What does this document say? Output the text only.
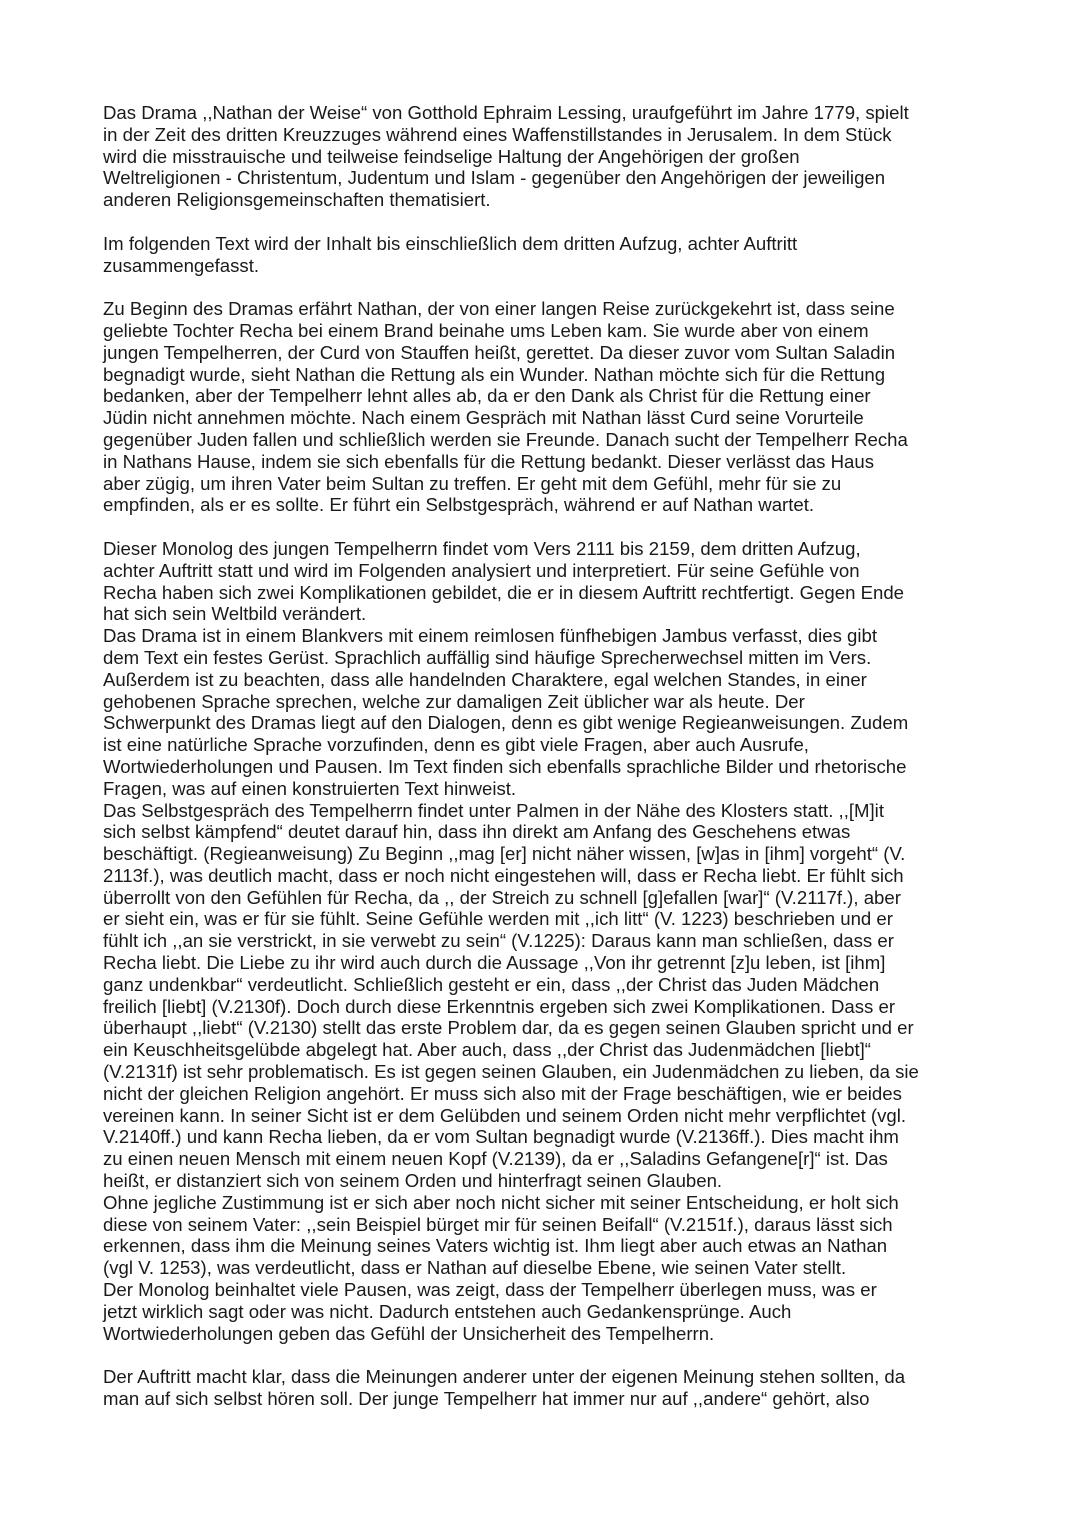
Das Drama ,,Nathan der Weise“ von Gotthold Ephraim Lessing, uraufgeführt im Jahre 1779, spielt
in der Zeit des dritten Kreuzzuges während eines Waffenstillstandes in Jerusalem. In dem Stück
wird die misstrauische und teilweise feindselige Haltung der Angehörigen der großen
Weltreligionen - Christentum, Judentum und Islam - gegenüber den Angehörigen der jeweiligen
anderen Religionsgemeinschaften thematisiert.

Im folgenden Text wird der Inhalt bis einschließlich dem dritten Aufzug, achter Auftritt
zusammengefasst.

Zu Beginn des Dramas erfährt Nathan, der von einer langen Reise zurückgekehrt ist, dass seine
geliebte Tochter Recha bei einem Brand beinahe ums Leben kam. Sie wurde aber von einem
jungen Tempelherren, der Curd von Stauffen heißt, gerettet. Da dieser zuvor vom Sultan Saladin
begnadigt wurde, sieht Nathan die Rettung als ein Wunder. Nathan möchte sich für die Rettung
bedanken, aber der Tempelherr lehnt alles ab, da er den Dank als Christ für die Rettung einer
Jüdin nicht annehmen möchte. Nach einem Gespräch mit Nathan lässt Curd seine Vorurteile
gegenüber Juden fallen und schließlich werden sie Freunde. Danach sucht der Tempelherr Recha
in Nathans Hause, indem sie sich ebenfalls für die Rettung bedankt. Dieser verlässt das Haus
aber zügig, um ihren Vater beim Sultan zu treffen. Er geht mit dem Gefühl, mehr für sie zu
empfinden, als er es sollte. Er führt ein Selbstgespräch, während er auf Nathan wartet.

Dieser Monolog des jungen Tempelherrn findet vom Vers 2111 bis 2159, dem dritten Aufzug,
achter Auftritt statt und wird im Folgenden analysiert und interpretiert. Für seine Gefühle von
Recha haben sich zwei Komplikationen gebildet, die er in diesem Auftritt rechtfertigt. Gegen Ende
hat sich sein Weltbild verändert.

Das Drama ist in einem Blankvers mit einem reimlosen fünfhebigen Jambus verfasst, dies gibt
dem Text ein festes Gerüst. Sprachlich auffällig sind häufige Sprecherwechsel mitten im Vers.
Außerdem ist zu beachten, dass alle handelnden Charaktere, egal welchen Standes, in einer
gehobenen Sprache sprechen, welche zur damaligen Zeit üblicher war als heute. Der
Schwerpunkt des Dramas liegt auf den Dialogen, denn es gibt wenige Regieanweisungen. Zudem
ist eine natürliche Sprache vorzufinden, denn es gibt viele Fragen, aber auch Ausrufe,
Wortwiederholungen und Pausen. Im Text finden sich ebenfalls sprachliche Bilder und rhetorische
Fragen, was auf einen konstruierten Text hinweist.

Das Selbstgespräch des Tempelherrn findet unter Palmen in der Nähe des Klosters statt. ,,[M]it
sich selbst kämpfend“ deutet darauf hin, dass ihn direkt am Anfang des Geschehens etwas
beschäftigt. (Regieanweisung) Zu Beginn ,,mag [er] nicht näher wissen, [w]as in [ihm] vorgeht“ (V.
2113f.), was deutlich macht, dass er noch nicht eingestehen will, dass er Recha liebt. Er fühlt sich
überrollt von den Gefühlen für Recha, da ,, der Streich zu schnell [g]efallen [war]“ (V.2117f.), aber
er sieht ein, was er für sie fühlt. Seine Gefühle werden mit ,,ich litt“ (V. 1223) beschrieben und er
fühlt ich ,,an sie verstrickt, in sie verwebt zu sein“ (V.1225): Daraus kann man schließen, dass er
Recha liebt. Die Liebe zu ihr wird auch durch die Aussage ,,Von ihr getrennt [z]u leben, ist [ihm]
ganz undenkbar“ verdeutlicht. Schließlich gesteht er ein, dass ,,der Christ das Juden Mädchen
freilich [liebt] (V.2130f). Doch durch diese Erkenntnis ergeben sich zwei Komplikationen. Dass er
überhaupt ,,liebt“ (V.2130) stellt das erste Problem dar, da es gegen seinen Glauben spricht und er
ein Keuschheitsgelübde abgelegt hat. Aber auch, dass ,,der Christ das Judenmädchen [liebt]“
(V.2131f) ist sehr problematisch. Es ist gegen seinen Glauben, ein Judenmädchen zu lieben, da sie
nicht der gleichen Religion angehört. Er muss sich also mit der Frage beschäftigen, wie er beides
vereinen kann. In seiner Sicht ist er dem Gelübden und seinem Orden nicht mehr verpflichtet (vgl.
V.2140ff.) und kann Recha lieben, da er vom Sultan begnadigt wurde (V.2136ff.). Dies macht ihm
zu einen neuen Mensch mit einem neuen Kopf (V.2139), da er ,,Saladins Gefangene[r]“ ist. Das
heißt, er distanziert sich von seinem Orden und hinterfragt seinen Glauben.

Ohne jegliche Zustimmung ist er sich aber noch nicht sicher mit seiner Entscheidung, er holt sich
diese von seinem Vater: ,,sein Beispiel bürget mir für seinen Beifall“ (V.2151f.), daraus lässt sich
erkennen, dass ihm die Meinung seines Vaters wichtig ist. Ihm liegt aber auch etwas an Nathan
(vgl V. 1253), was verdeutlicht, dass er Nathan auf dieselbe Ebene, wie seinen Vater stellt.

Der Monolog beinhaltet viele Pausen, was zeigt, dass der Tempelherr überlegen muss, was er
jetzt wirklich sagt oder was nicht. Dadurch entstehen auch Gedankensprünge. Auch
Wortwiederholungen geben das Gefühl der Unsicherheit des Tempelherrn.

Der Auftritt macht klar, dass die Meinungen anderer unter der eigenen Meinung stehen sollten, da
man auf sich selbst hören soll. Der junge Tempelherr hat immer nur auf ,,andere“ gehört, also
